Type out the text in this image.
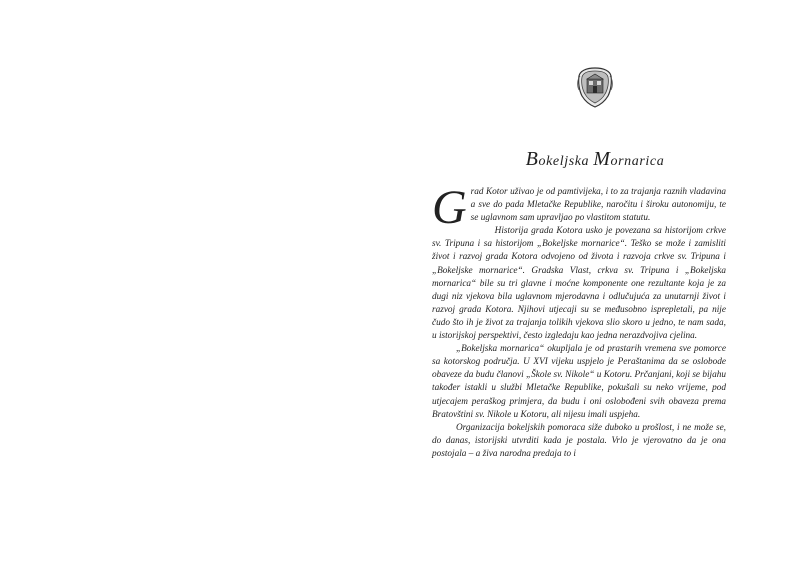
Bokeljska Mornarica
G rad Kotor uživao je od pamtivijeka, i to za trajanja raznih vladavina a sve do pada Mletačke Republike, naročitu i široku autonomiju, te se uglavnom sam upravljao po vlastitom statutu.

Historija grada Kotora usko je povezana sa historijom crkve sv. Tripuna i sa historijom „Bokeljske mornarice“. Teško se može i zamisliti život i razvoj grada Kotora odvojeno od života i razvoja crkve sv. Tripuna i „Bokeljske mornarice“. Gradska Vlast, crkva sv. Tripuna i „Bokeljska mornarica“ bile su tri glavne i moćne komponente one rezultante koja je za dugi niz vjekova bila uglavnom mjerodavna i odlučujuća za unutarnji život i razvoj grada Kotora. Njihovi utjecaji su se međusobno isprepletali, pa nije čudo što ih je život za trajanja tolikih vjekova slio skoro u jedno, te nam sada, u istorijskoj perspektivi, često izgledaju kao jedna nerazdvojiva cjelina.

„Bokeljska mornarica“ okupljala je od prastarih vremena sve pomorce sa kotorskog područja. U XVI vijeku uspjelo je Peraštanima da se oslobode obaveze da budu članovi „Škole sv. Nikole“ u Kotoru. Prčanjani, koji se bijahu također istakli u službi Mletačke Republike, pokušali su neko vrijeme, pod utjecajem peraškog primjera, da budu i oni oslobođeni svih obaveza prema Bratovštini sv. Nikole u Kotoru, ali nijesu imali uspjeha.

Organizacija bokeljskih pomoraca siže duboko u prošlost, i ne može se, do danas, istorijski utvrditi kada je postala. Vrlo je vjerovatno da je ona postojala – a živa narodna predaja to i
